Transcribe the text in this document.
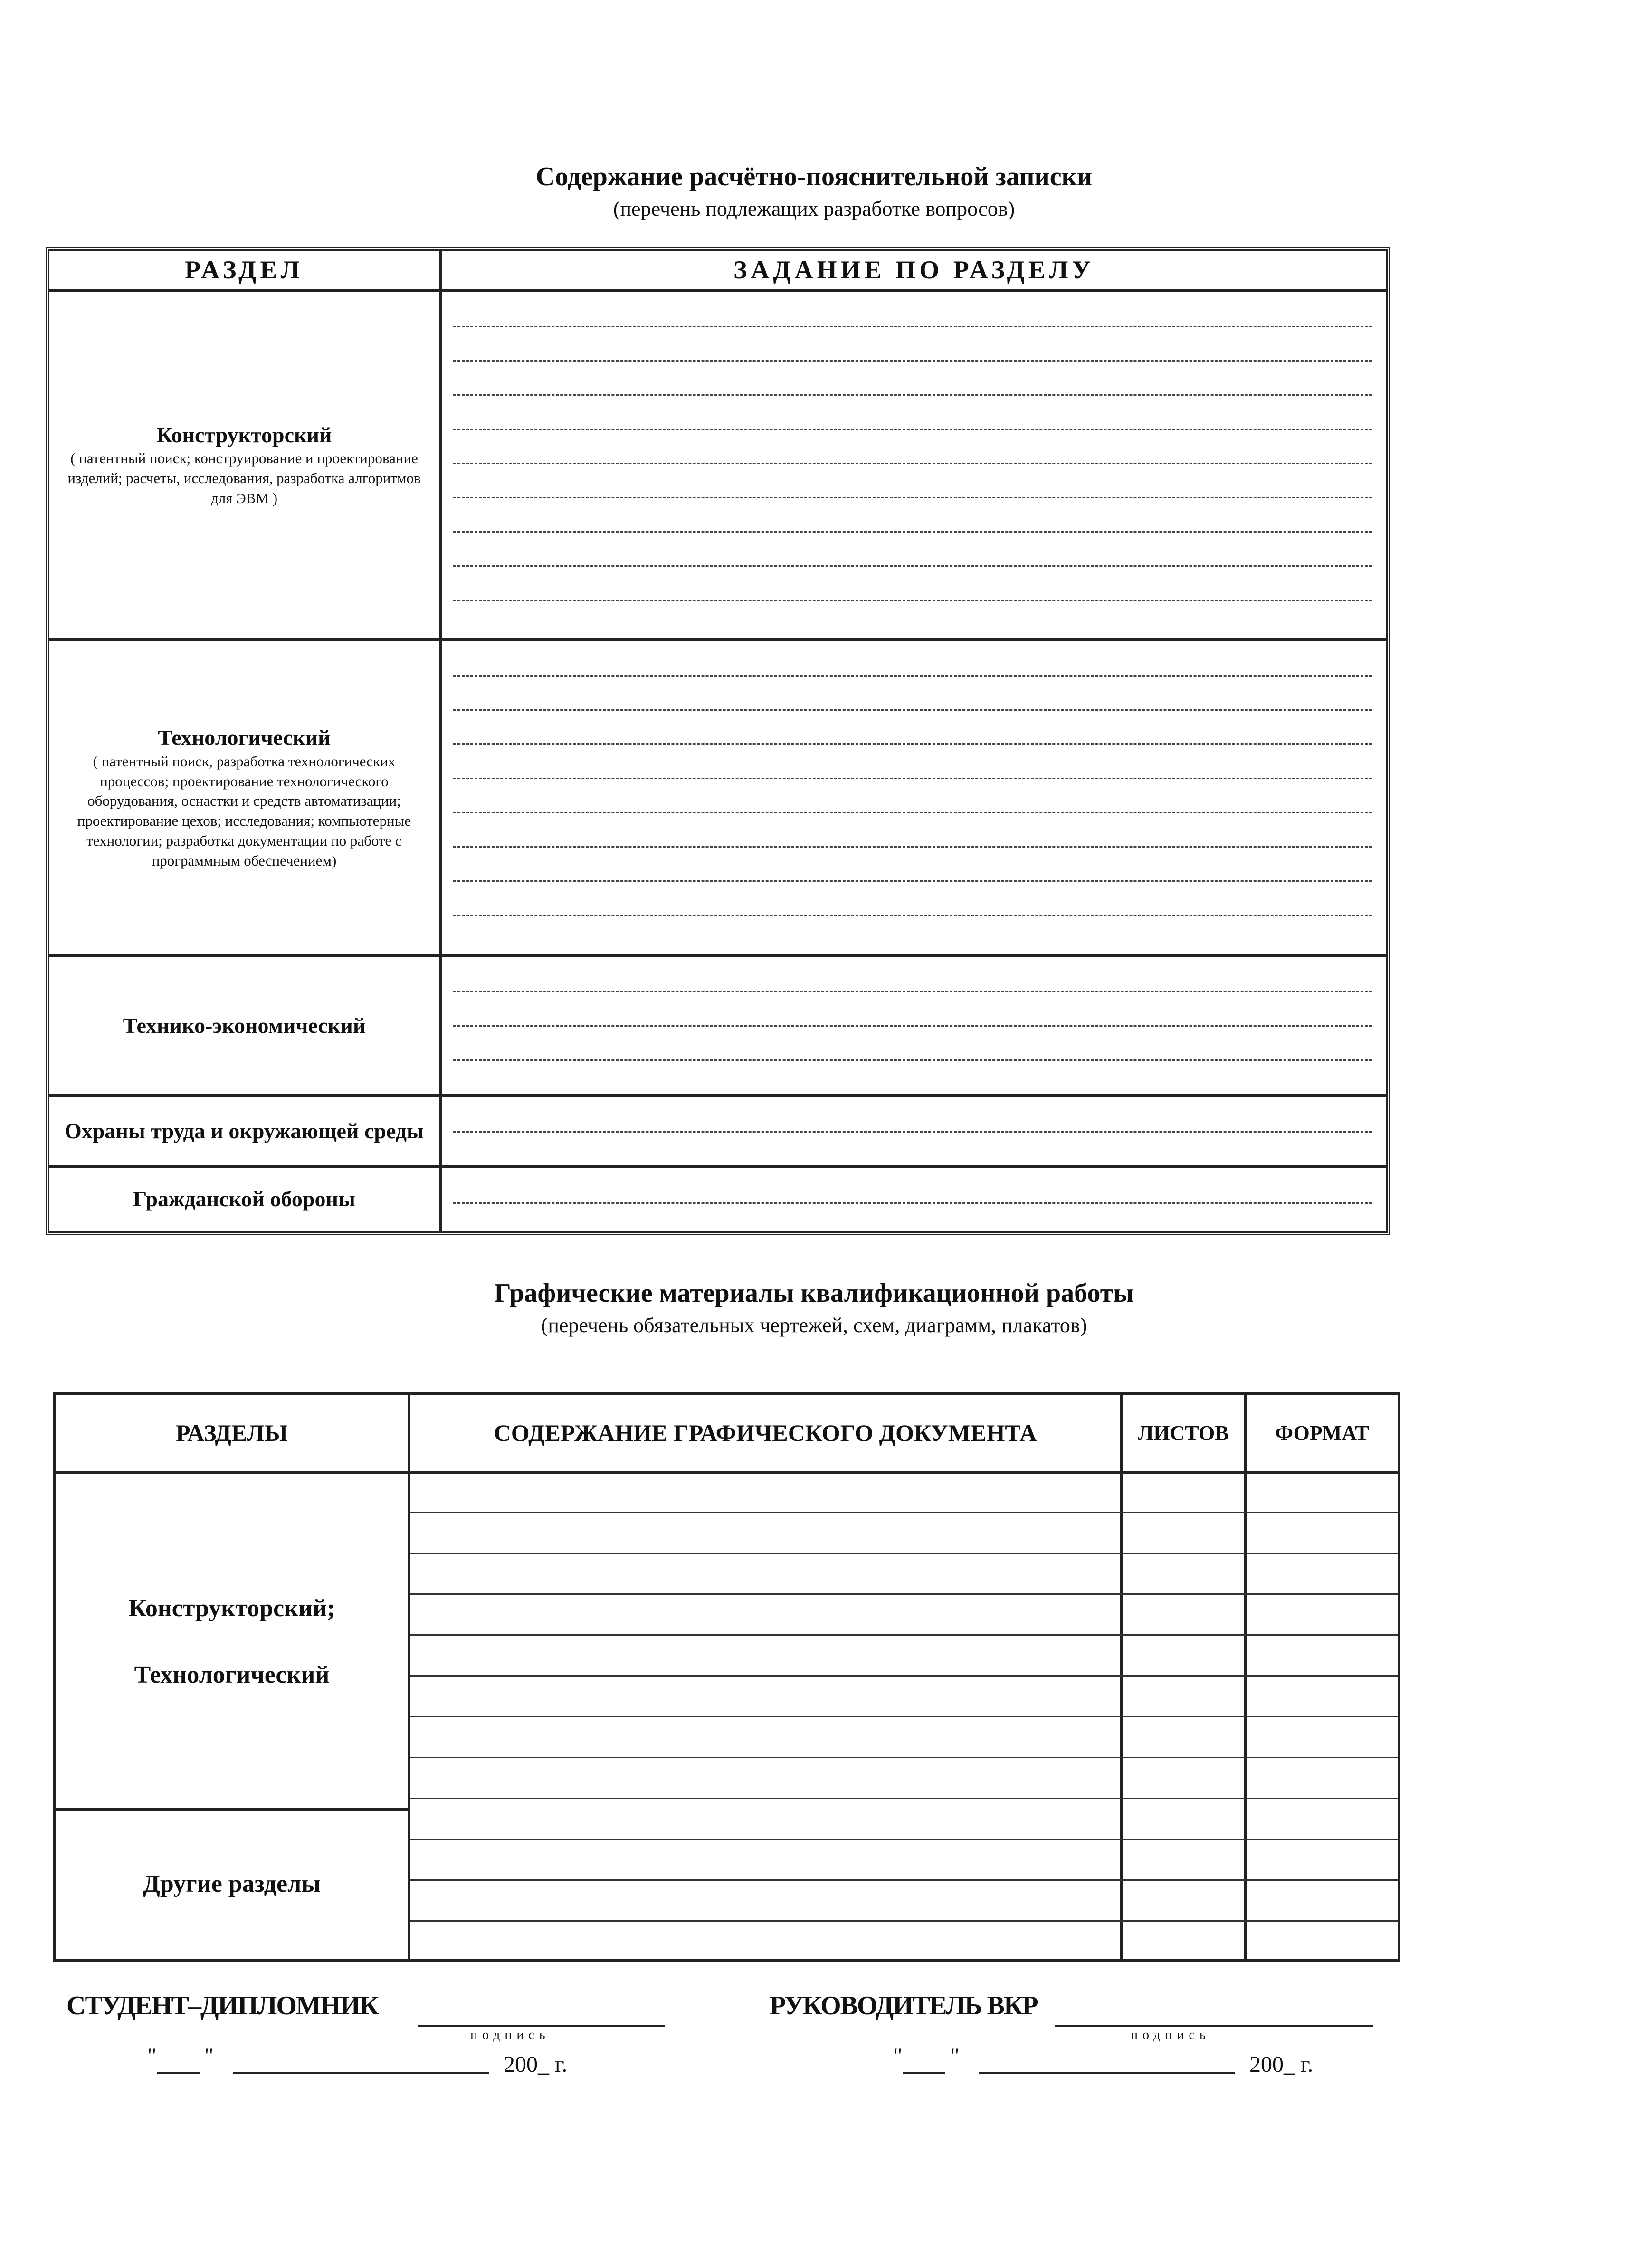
Содержание расчётно-пояснительной записки
(перечень подлежащих разработке вопросов)
РАЗДЕЛ	ЗАДАНИЕ ПО РАЗДЕЛУ
Конструкторский
( патентный поиск; конструирование и проектирование изделий; расчеты, исследования, разработка алгоритмов для ЭВМ )
Технологический
( патентный поиск, разработка технологических процессов; проектирование технологического оборудования, оснастки и средств автоматизации; проектирование цехов; исследования; компьютерные технологии; разработка документации по работе с программным обеспечением)
Технико-экономический
Охраны труда и окружающей среды
Гражданской обороны
Графические материалы квалификационной работы
(перечень обязательных чертежей, схем, диаграмм, плакатов)
РАЗДЕЛЫ	СОДЕРЖАНИЕ ГРАФИЧЕСКОГО ДОКУМЕНТА	ЛИСТОВ	ФОРМАТ
Конструкторский;
Технологический
Другие разделы
СТУДЕНТ–ДИПЛОМНИК
подпись
РУКОВОДИТЕЛЬ ВКР
подпись
" "	200_ г.	" "	200_ г.
